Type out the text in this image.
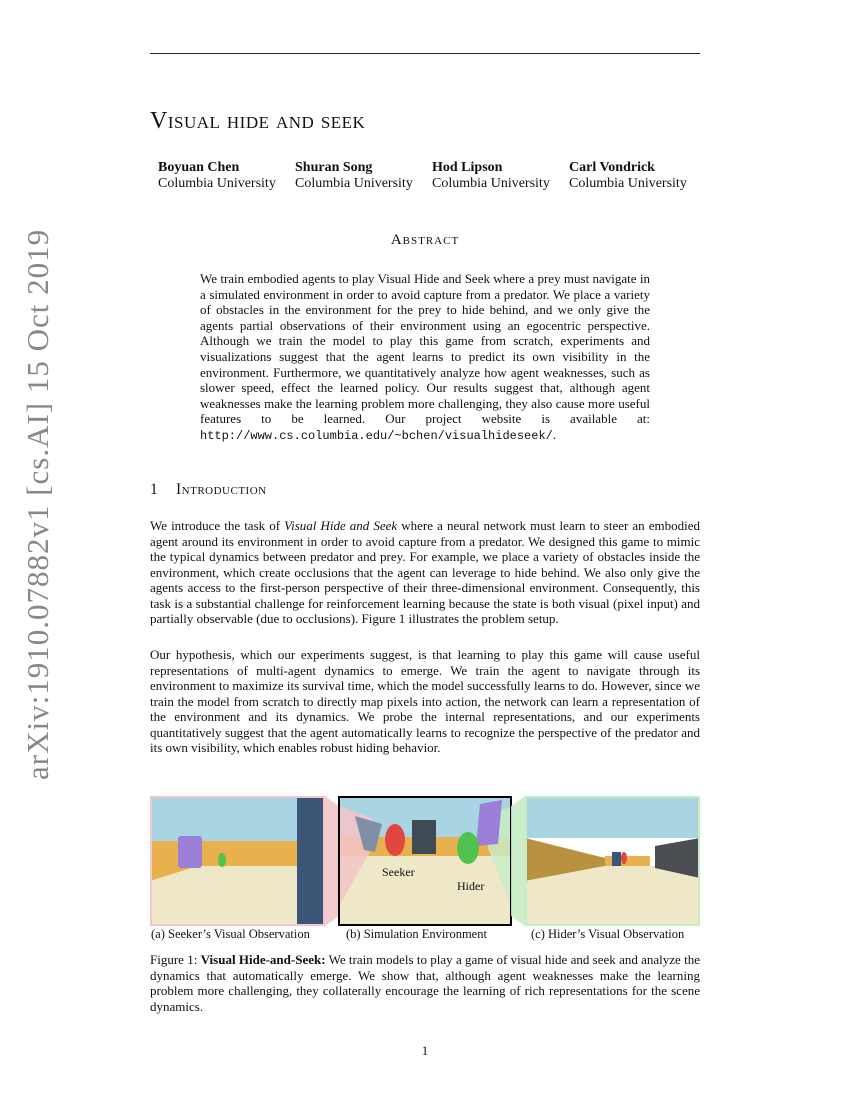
arXiv:1910.07882v1 [cs.AI] 15 Oct 2019
Visual hide and seek
Boyuan Chen
Columbia University
Shuran Song
Columbia University
Hod Lipson
Columbia University
Carl Vondrick
Columbia University
Abstract
We train embodied agents to play Visual Hide and Seek where a prey must navigate in a simulated environment in order to avoid capture from a predator. We place a variety of obstacles in the environment for the prey to hide behind, and we only give the agents partial observations of their environment using an egocentric perspective. Although we train the model to play this game from scratch, experiments and visualizations suggest that the agent learns to predict its own visibility in the environment. Furthermore, we quantitatively analyze how agent weaknesses, such as slower speed, effect the learned policy. Our results suggest that, although agent weaknesses make the learning problem more challenging, they also cause more useful features to be learned. Our project website is available at: http://www.cs.columbia.edu/~bchen/visualhideseek/.
1 Introduction
We introduce the task of Visual Hide and Seek where a neural network must learn to steer an embodied agent around its environment in order to avoid capture from a predator. We designed this game to mimic the typical dynamics between predator and prey. For example, we place a variety of obstacles inside the environment, which create occlusions that the agent can leverage to hide behind. We also only give the agents access to the first-person perspective of their three-dimensional environment. Consequently, this task is a substantial challenge for reinforcement learning because the state is both visual (pixel input) and partially observable (due to occlusions). Figure 1 illustrates the problem setup.
Our hypothesis, which our experiments suggest, is that learning to play this game will cause useful representations of multi-agent dynamics to emerge. We train the agent to navigate through its environment to maximize its survival time, which the model successfully learns to do. However, since we train the model from scratch to directly map pixels into action, the network can learn a representation of the environment and its dynamics. We probe the internal representations, and our experiments quantitatively suggest that the agent automatically learns to recognize the perspective of the predator and its own visibility, which enables robust hiding behavior.
Seeker
Hider
(a) Seeker’s Visual Observation	(b) Simulation Environment	(c) Hider’s Visual Observation
Figure 1: Visual Hide-and-Seek: We train models to play a game of visual hide and seek and analyze the dynamics that automatically emerge. We show that, although agent weaknesses make the learning problem more challenging, they collaterally encourage the learning of rich representations for the scene dynamics.
1
